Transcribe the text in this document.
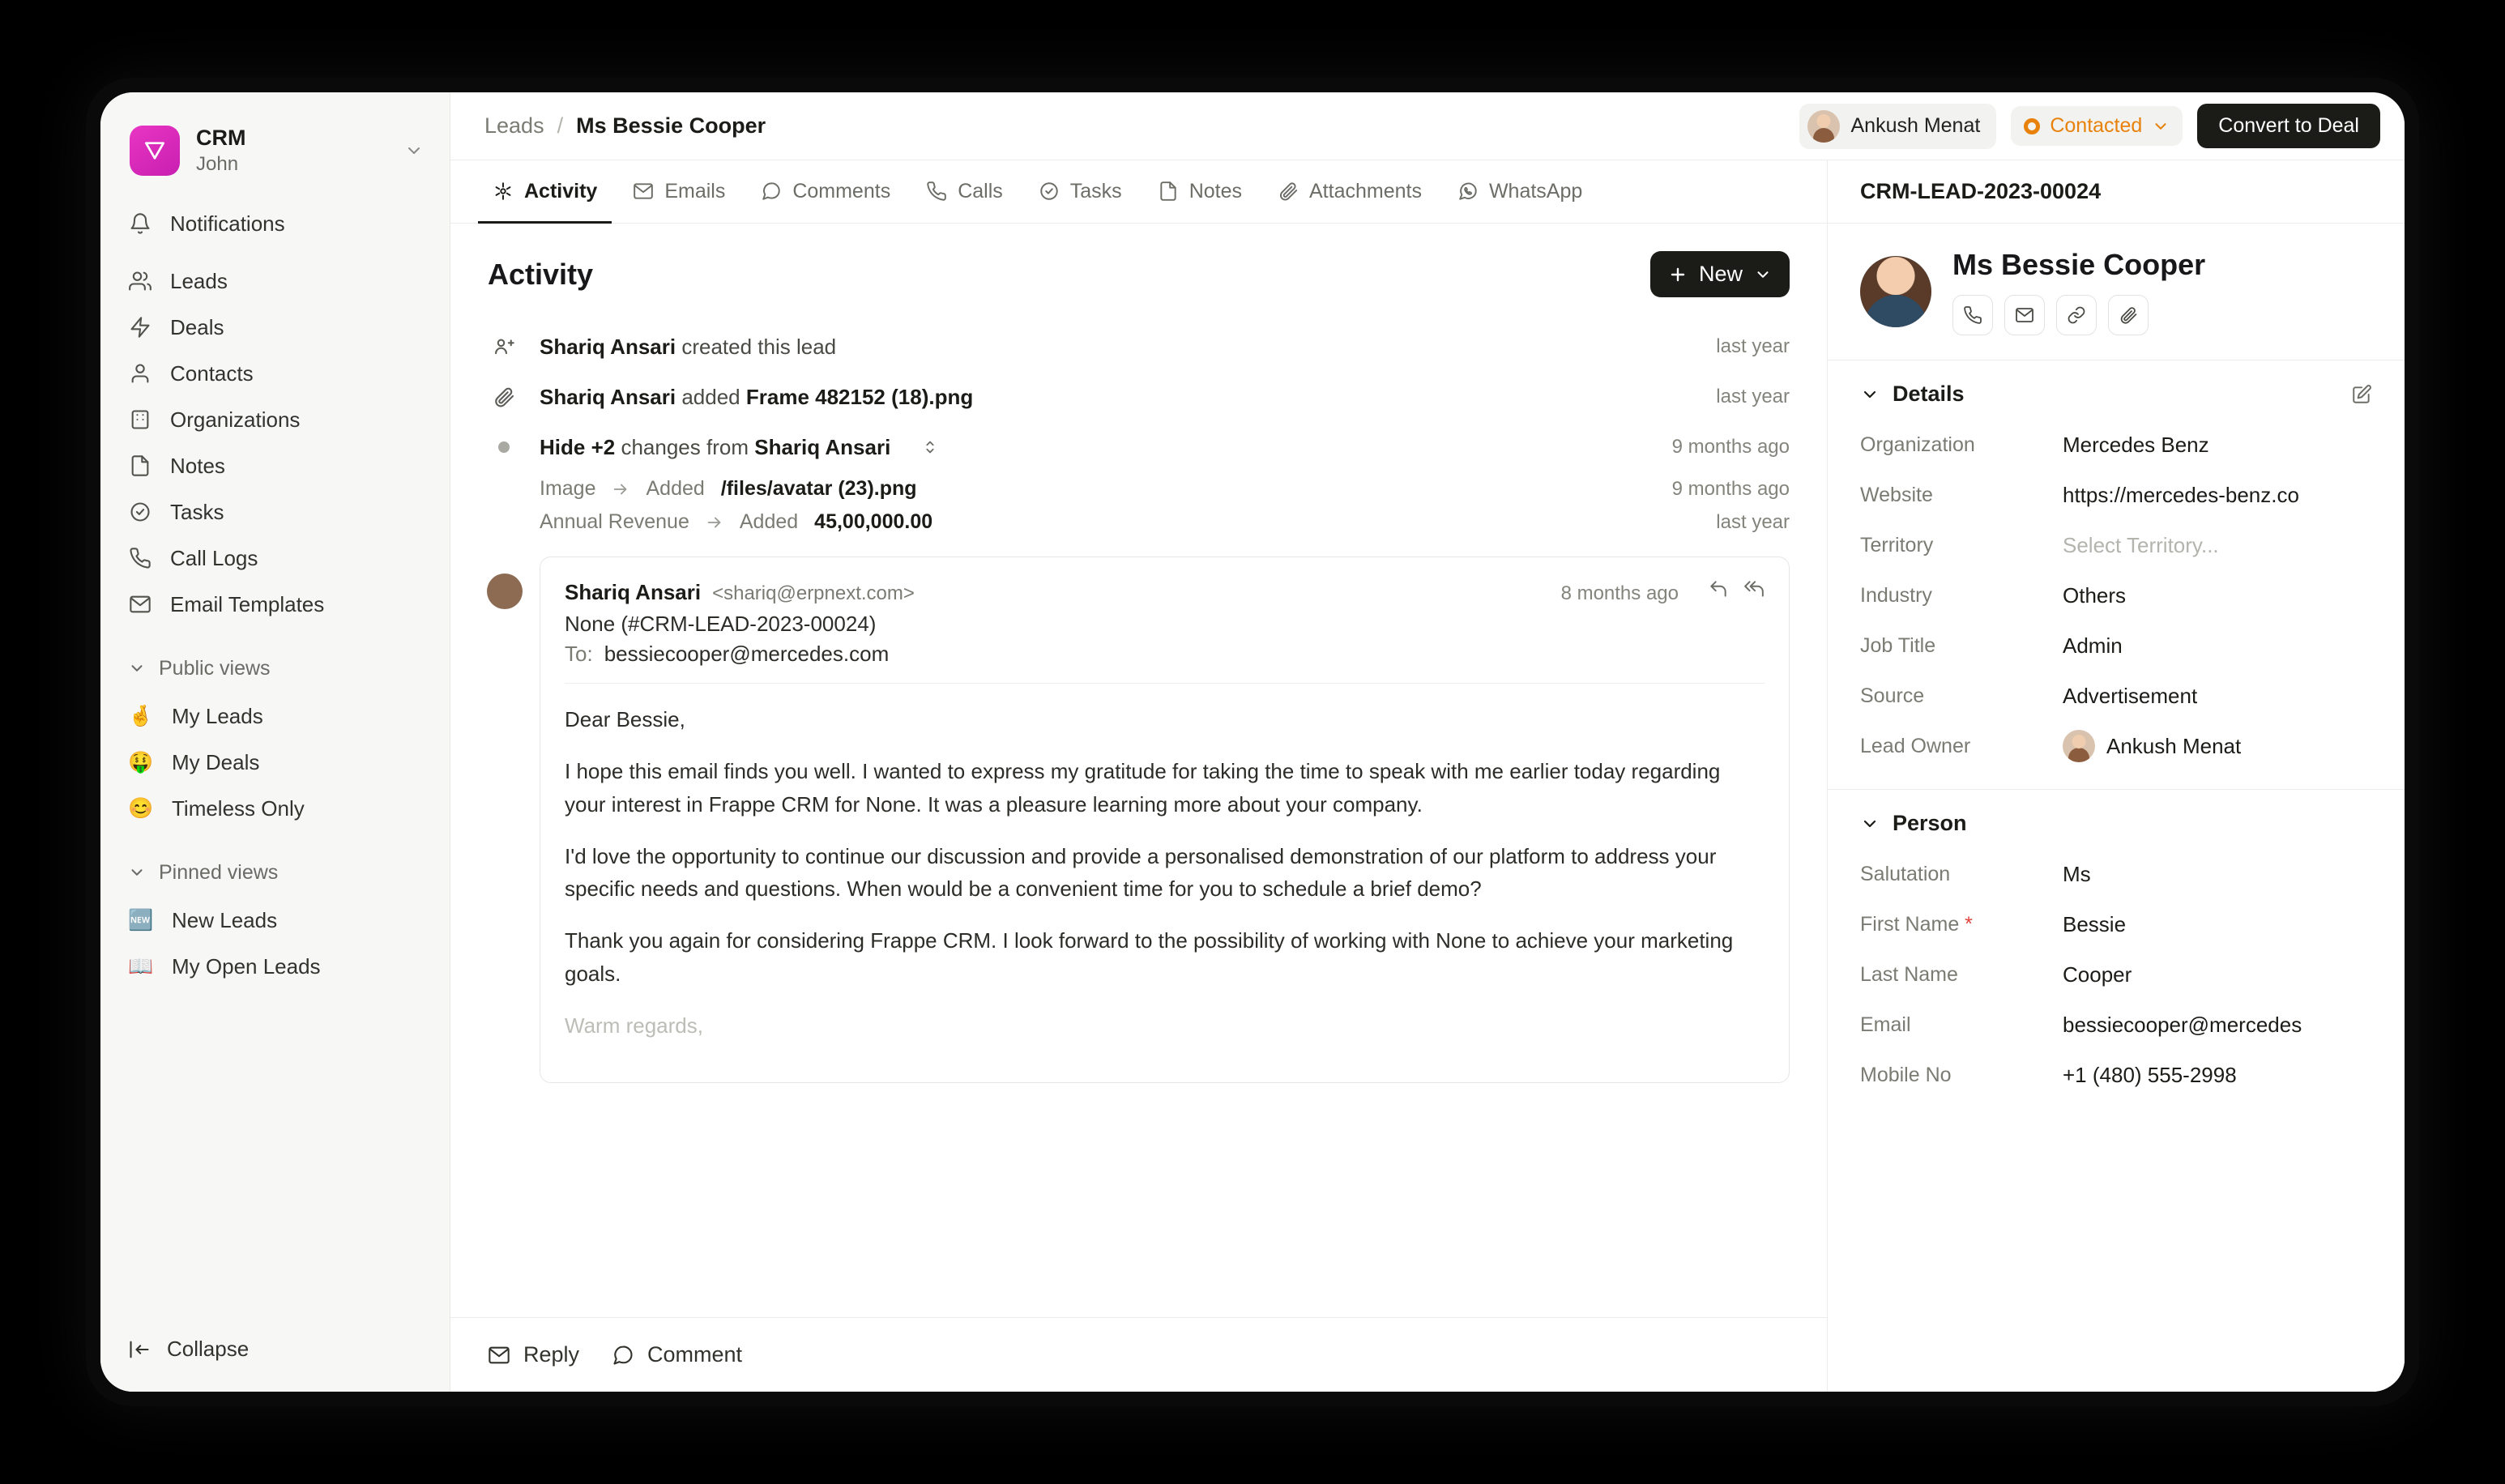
CRM
John
Notifications
Leads
Deals
Contacts
Organizations
Notes
Tasks
Call Logs
Email Templates
Public views
🤞 My Leads
🤑 My Deals
😊 Timeless Only
Pinned views
🆕 New Leads
📖 My Open Leads
Collapse
Leads / Ms Bessie Cooper	Ankush Menat	Contacted	Convert to Deal
Activity	Emails	Comments	Calls	Tasks	Notes	Attachments	WhatsApp
Activity	New
Shariq Ansari created this lead	last year
Shariq Ansari added Frame 482152 (18).png	last year
Hide +2 changes from Shariq Ansari	9 months ago
Image Added /files/avatar (23).png	9 months ago
Annual Revenue Added 45,00,000.00	last year
Shariq Ansari <shariq@erpnext.com>	8 months ago
None (#CRM-LEAD-2023-00024)
To: bessiecooper@mercedes.com

Dear Bessie,

I hope this email finds you well. I wanted to express my gratitude for taking the time to speak with me earlier today regarding your interest in Frappe CRM for None. It was a pleasure learning more about your company.

I'd love the opportunity to continue our discussion and provide a personalised demonstration of our platform to address your specific needs and questions. When would be a convenient time for you to schedule a brief demo?

Thank you again for considering Frappe CRM. I look forward to the possibility of working with None to achieve your marketing goals.

Warm regards,

Reply	Comment
CRM-LEAD-2023-00024
Ms Bessie Cooper
Details
Organization	Mercedes Benz
Website	https://mercedes-benz.co
Territory	Select Territory...
Industry	Others
Job Title	Admin
Source	Advertisement
Lead Owner	Ankush Menat
Person
Salutation	Ms
First Name *	Bessie
Last Name	Cooper
Email	bessiecooper@mercedes
Mobile No	+1 (480) 555-2998
